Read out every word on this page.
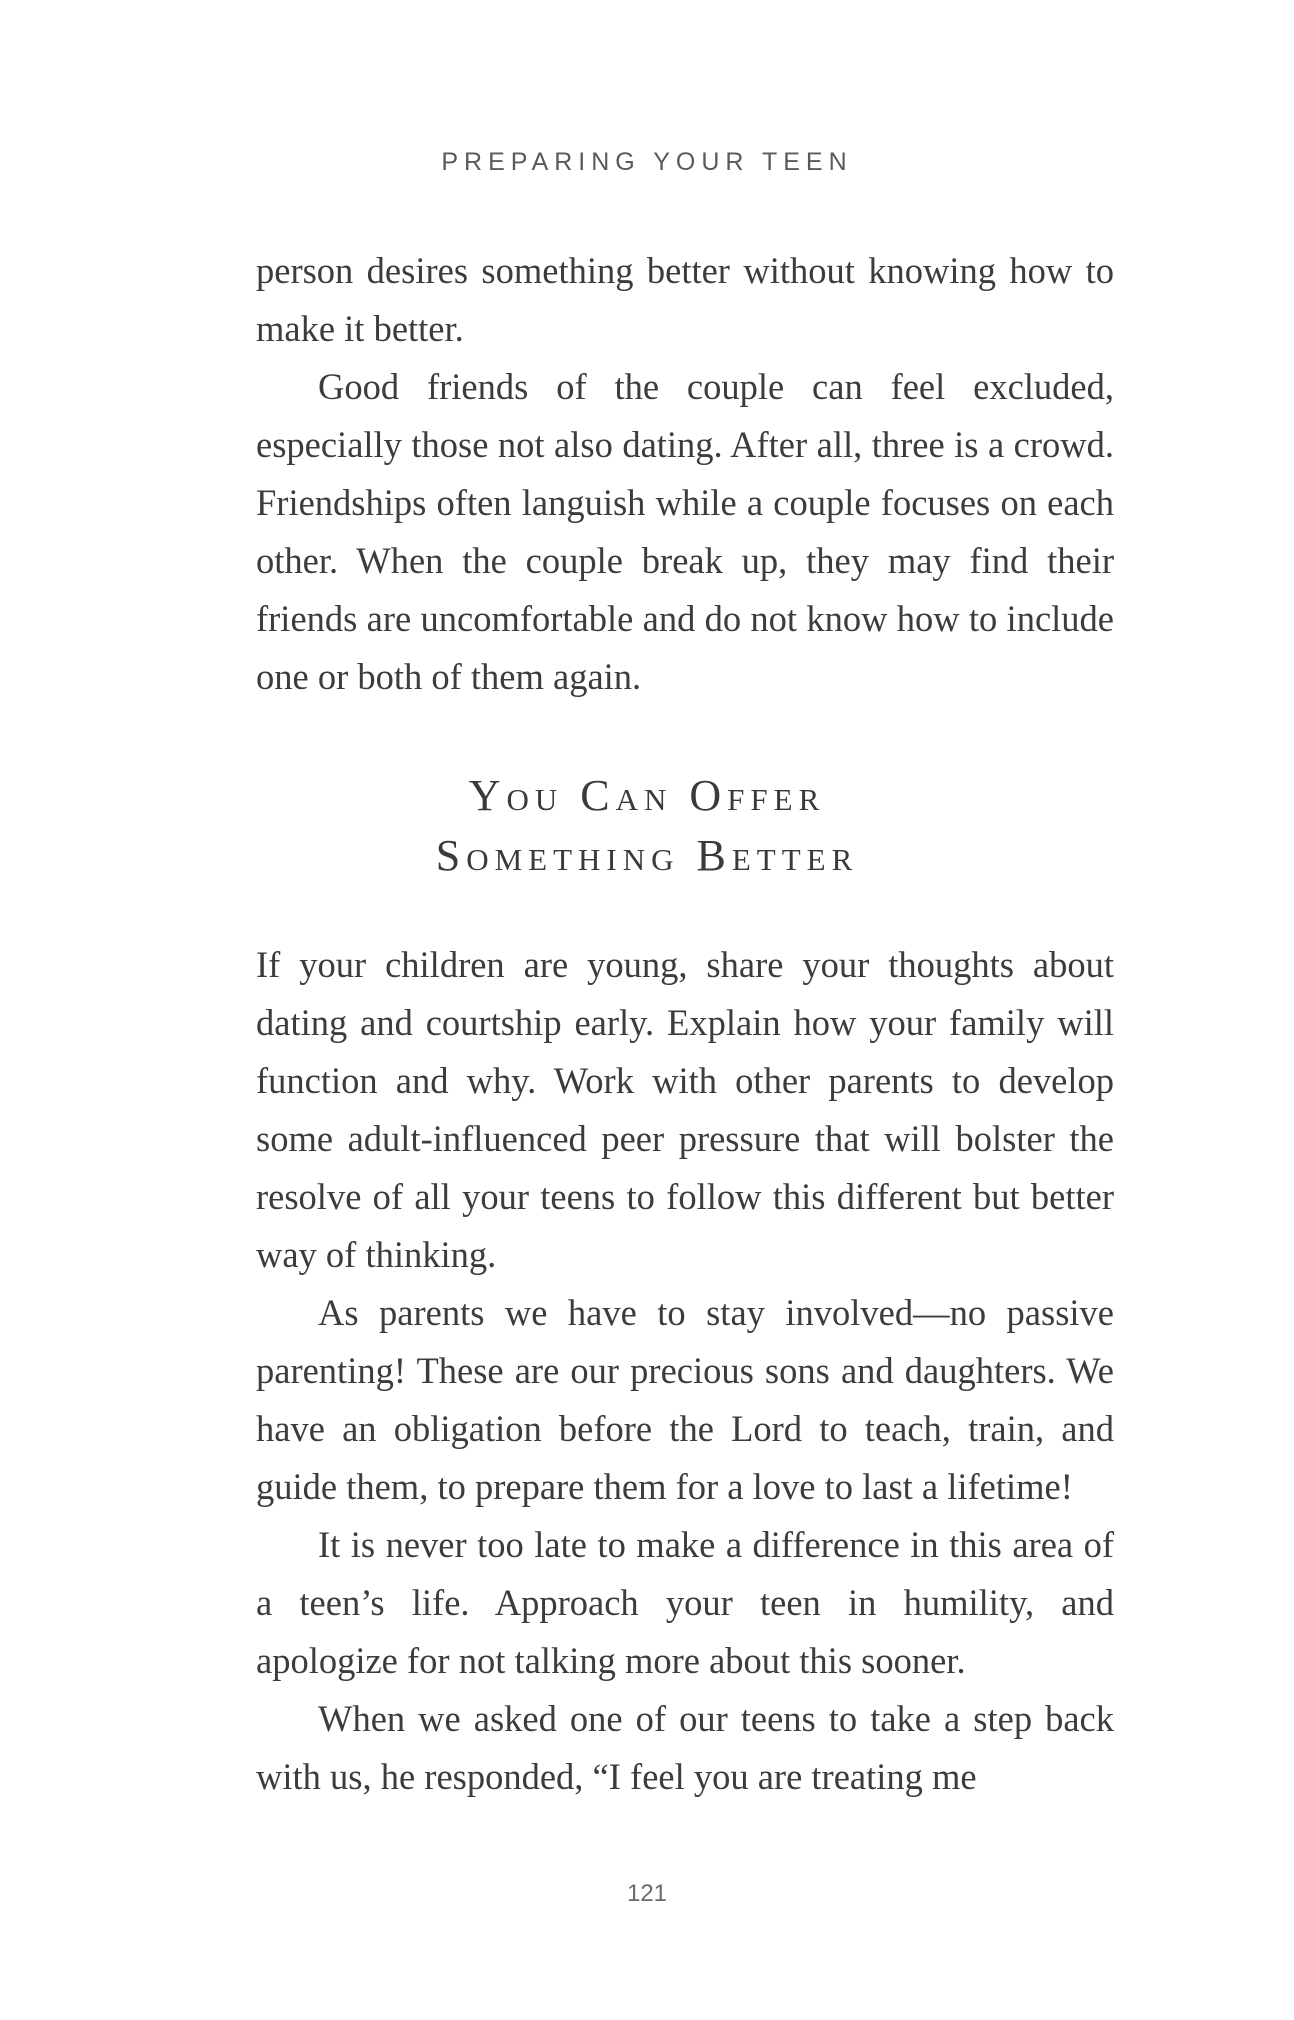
PREPARING YOUR TEEN

person desires something better without knowing how to make it better.

Good friends of the couple can feel excluded, especially those not also dating. After all, three is a crowd. Friendships often languish while a couple focuses on each other. When the couple break up, they may find their friends are uncomfortable and do not know how to include one or both of them again.

You Can Offer
Something Better

If your children are young, share your thoughts about dating and courtship early. Explain how your family will function and why. Work with other parents to develop some adult-influenced peer pressure that will bolster the resolve of all your teens to follow this different but better way of thinking.

As parents we have to stay involved—no passive parenting! These are our precious sons and daughters. We have an obligation before the Lord to teach, train, and guide them, to prepare them for a love to last a lifetime!

It is never too late to make a difference in this area of a teen’s life. Approach your teen in humility, and apologize for not talking more about this sooner.

When we asked one of our teens to take a step back with us, he responded, “I feel you are treating me

121
